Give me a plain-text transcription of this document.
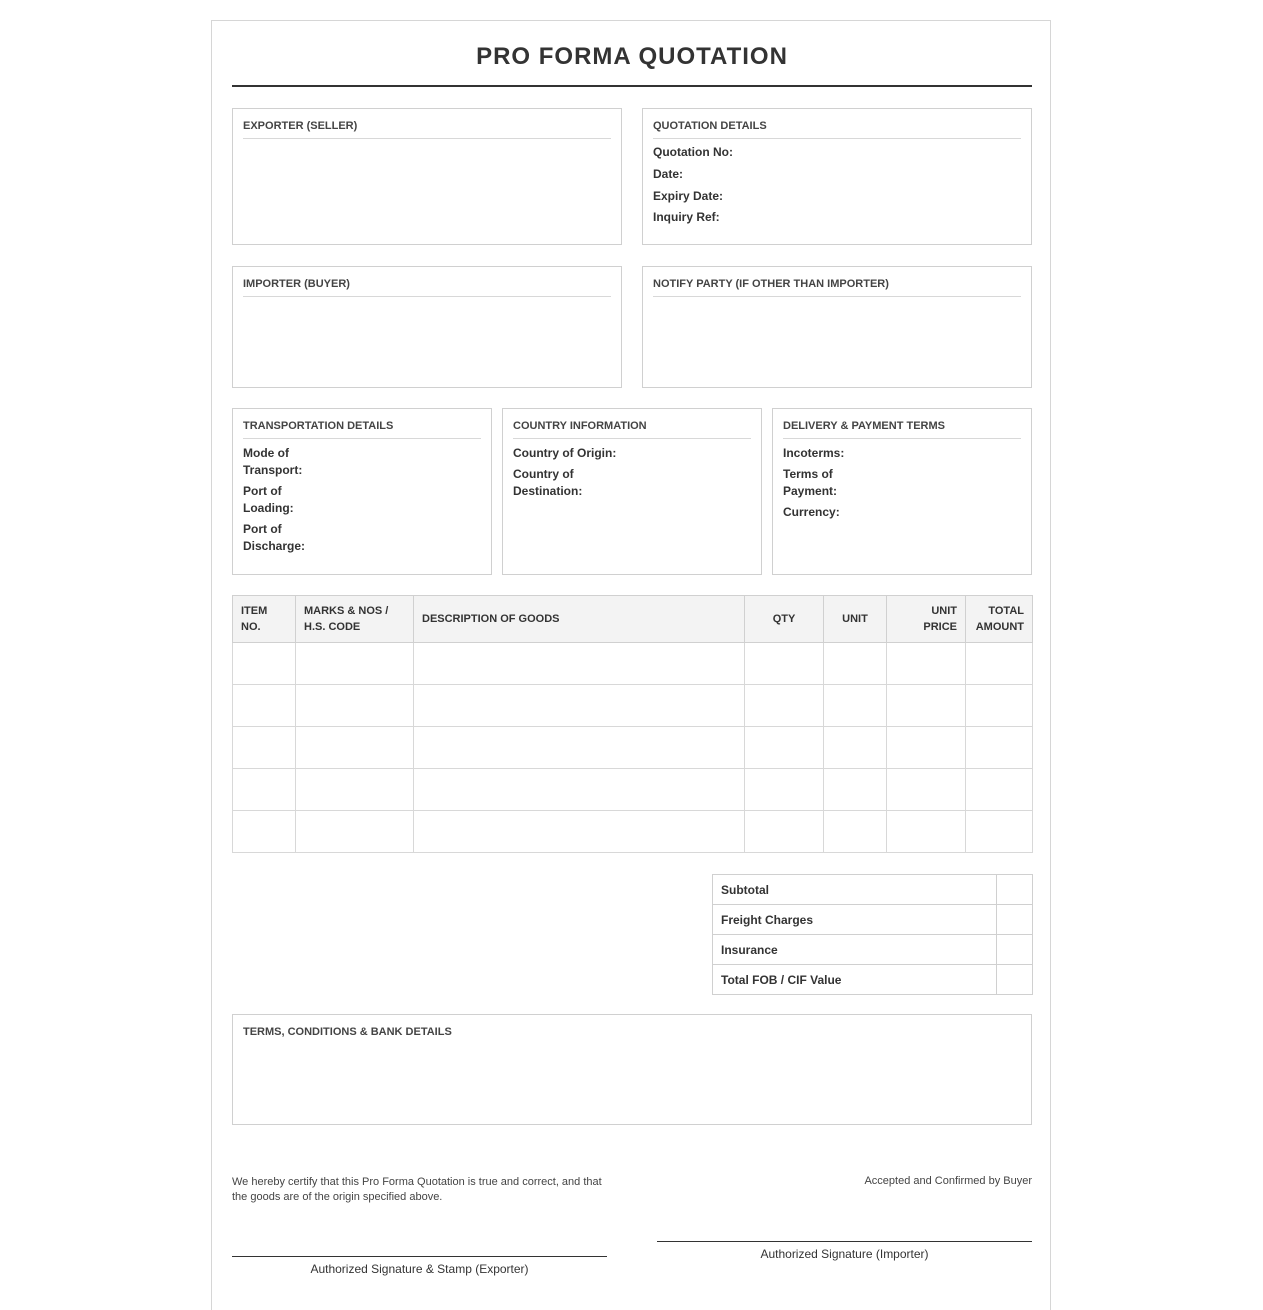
PRO FORMA QUOTATION
EXPORTER (SELLER)	QUOTATION DETAILS
Quotation No:
Date:
Expiry Date:
Inquiry Ref:
IMPORTER (BUYER)	NOTIFY PARTY (IF OTHER THAN IMPORTER)
TRANSPORTATION DETAILS
Mode of Transport:
Port of Loading:
Port of Discharge:
COUNTRY INFORMATION
Country of Origin:
Country of Destination:
DELIVERY & PAYMENT TERMS
Incoterms:
Terms of Payment:
Currency:
ITEM NO.	MARKS & NOS / H.S. CODE	DESCRIPTION OF GOODS	QTY	UNIT	UNIT PRICE	TOTAL AMOUNT

Subtotal	
Freight Charges	
Insurance	
Total FOB / CIF Value	
TERMS, CONDITIONS & BANK DETAILS
We hereby certify that this Pro Forma Quotation is true and correct, and that the goods are of the origin specified above.
Accepted and Confirmed by Buyer
Authorized Signature & Stamp (Exporter)
Authorized Signature (Importer)
